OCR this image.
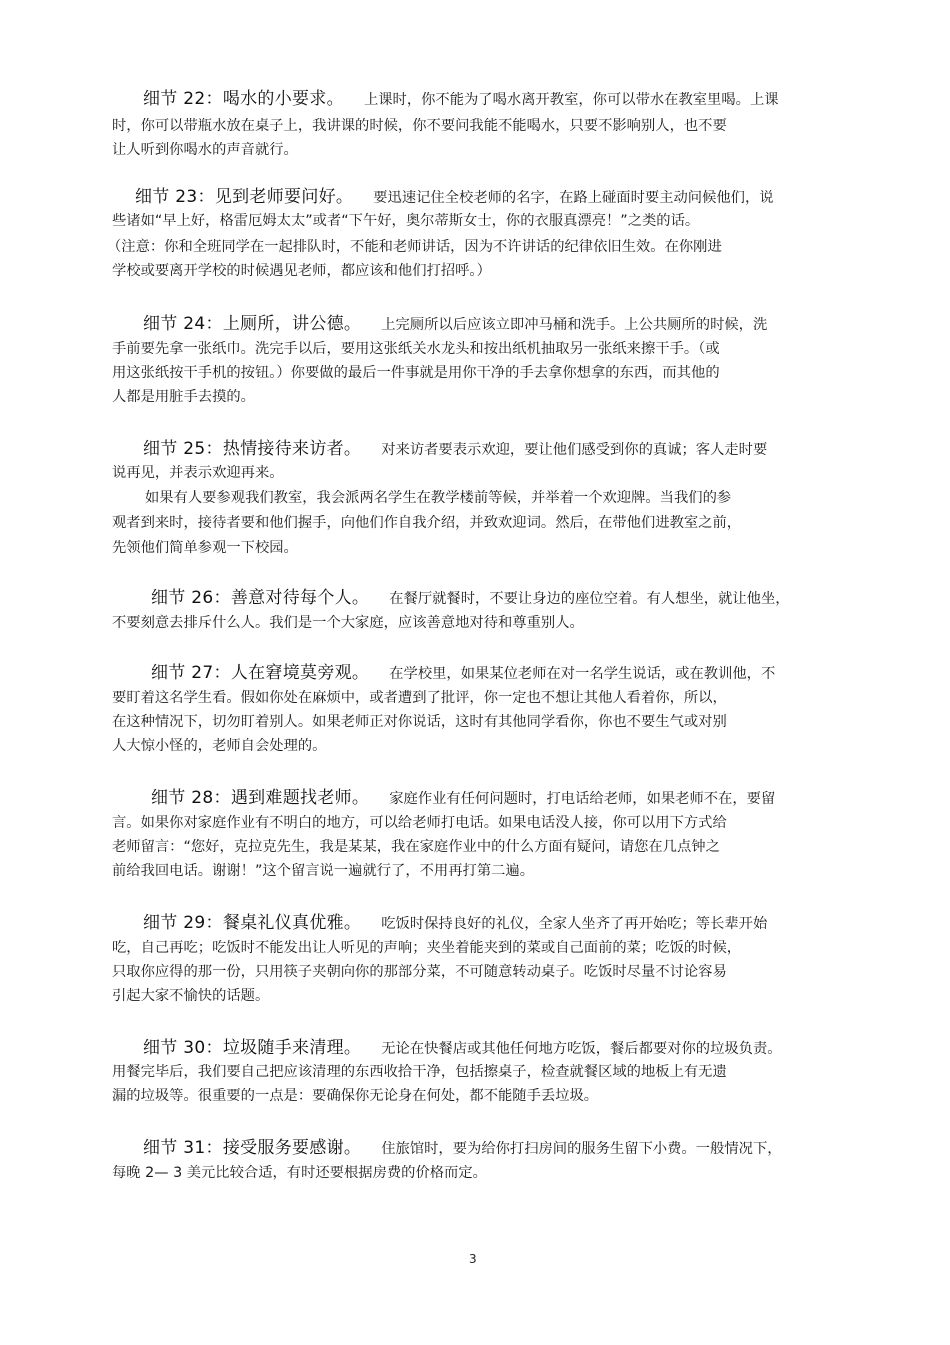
细节 22：喝水的小要求。 上课时，你不能为了喝水离开教室，你可以带水在教室里喝。上课
时，你可以带瓶水放在桌子上，我讲课的时候，你不要问我能不能喝水，只要不影响别人，也不要
让人听到你喝水的声音就行。
细节 23：见到老师要问好。 要迅速记住全校老师的名字，在路上碰面时要主动问候他们，说
些诸如“早上好，格雷厄姆太太”或者“下午好，奥尔蒂斯女士，你的衣服真漂亮！”之类的话。
（注意：你和全班同学在一起排队时，不能和老师讲话，因为不许讲话的纪律依旧生效。在你刚进
学校或要离开学校的时候遇见老师，都应该和他们打招呼。）
细节 24：上厕所，讲公德。 上完厕所以后应该立即冲马桶和洗手。上公共厕所的时候，洗
手前要先拿一张纸巾。洗完手以后，要用这张纸关水龙头和按出纸机抽取另一张纸来擦干手。（或
用这张纸按干手机的按钮。）你要做的最后一件事就是用你干净的手去拿你想拿的东西，而其他的
人都是用脏手去摸的。
细节 25：热情接待来访者。 对来访者要表示欢迎，要让他们感受到你的真诚；客人走时要
说再见，并表示欢迎再来。
如果有人要参观我们教室，我会派两名学生在教学楼前等候，并举着一个欢迎牌。当我们的参
观者到来时，接待者要和他们握手，向他们作自我介绍，并致欢迎词。然后，在带他们进教室之前，
先领他们简单参观一下校园。
细节 26：善意对待每个人。 在餐厅就餐时，不要让身边的座位空着。有人想坐，就让他坐，
不要刻意去排斥什么人。我们是一个大家庭，应该善意地对待和尊重别人。
细节 27：人在窘境莫旁观。 在学校里，如果某位老师在对一名学生说话，或在教训他，不
要盯着这名学生看。假如你处在麻烦中，或者遭到了批评，你一定也不想让其他人看着你，所以，
在这种情况下，切勿盯着别人。如果老师正对你说话，这时有其他同学看你，你也不要生气或对别
人大惊小怪的，老师自会处理的。
细节 28：遇到难题找老师。 家庭作业有任何问题时，打电话给老师，如果老师不在，要留
言。如果你对家庭作业有不明白的地方，可以给老师打电话。如果电话没人接，你可以用下方式给
老师留言：“您好，克拉克先生，我是某某，我在家庭作业中的什么方面有疑问，请您在几点钟之
前给我回电话。谢谢！”这个留言说一遍就行了，不用再打第二遍。
细节 29：餐桌礼仪真优雅。 吃饭时保持良好的礼仪，全家人坐齐了再开始吃；等长辈开始
吃，自己再吃；吃饭时不能发出让人听见的声响；夹坐着能夹到的菜或自己面前的菜；吃饭的时候，
只取你应得的那一份，只用筷子夹朝向你的那部分菜，不可随意转动桌子。吃饭时尽量不讨论容易
引起大家不愉快的话题。
细节 30：垃圾随手来清理。 无论在快餐店或其他任何地方吃饭，餐后都要对你的垃圾负责。
用餐完毕后，我们要自己把应该清理的东西收拾干净，包括擦桌子，检查就餐区域的地板上有无遗
漏的垃圾等。很重要的一点是：要确保你无论身在何处，都不能随手丢垃圾。
细节 31：接受服务要感谢。 住旅馆时，要为给你打扫房间的服务生留下小费。一般情况下，
每晚 2— 3 美元比较合适，有时还要根据房费的价格而定。
3
